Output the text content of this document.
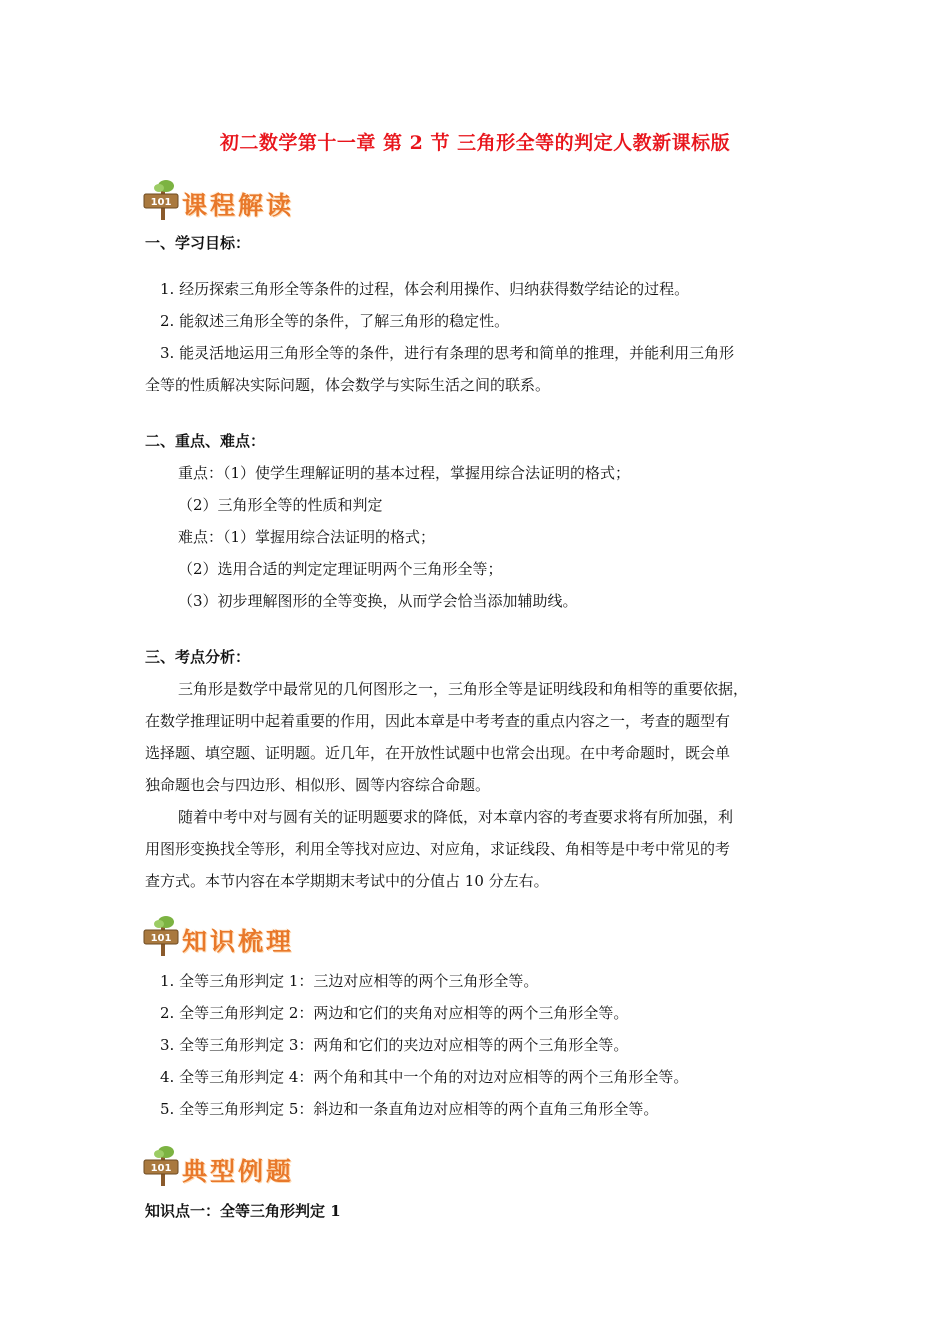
初二数学第十一章 第 2 节 三角形全等的判定人教新课标版
101 课程解读
一、学习目标：
1. 经历探索三角形全等条件的过程，体会利用操作、归纳获得数学结论的过程。
2. 能叙述三角形全等的条件，了解三角形的稳定性。
3. 能灵活地运用三角形全等的条件，进行有条理的思考和简单的推理，并能利用三角形
全等的性质解决实际问题，体会数学与实际生活之间的联系。
二、重点、难点：
重点：（1）使学生理解证明的基本过程，掌握用综合法证明的格式；
（2）三角形全等的性质和判定
难点：（1）掌握用综合法证明的格式；
（2）选用合适的判定定理证明两个三角形全等；
（3）初步理解图形的全等变换，从而学会恰当添加辅助线。
三、考点分析：
三角形是数学中最常见的几何图形之一，三角形全等是证明线段和角相等的重要依据，
在数学推理证明中起着重要的作用，因此本章是中考考查的重点内容之一，考查的题型有
选择题、填空题、证明题。近几年，在开放性试题中也常会出现。在中考命题时，既会单
独命题也会与四边形、相似形、圆等内容综合命题。
随着中考中对与圆有关的证明题要求的降低，对本章内容的考查要求将有所加强，利
用图形变换找全等形，利用全等找对应边、对应角，求证线段、角相等是中考中常见的考
查方式。本节内容在本学期期末考试中的分值占 10 分左右。
101 知识梳理
1. 全等三角形判定 1：三边对应相等的两个三角形全等。
2. 全等三角形判定 2：两边和它们的夹角对应相等的两个三角形全等。
3. 全等三角形判定 3：两角和它们的夹边对应相等的两个三角形全等。
4. 全等三角形判定 4：两个角和其中一个角的对边对应相等的两个三角形全等。
5. 全等三角形判定 5：斜边和一条直角边对应相等的两个直角三角形全等。
101 典型例题
知识点一：全等三角形判定 1
